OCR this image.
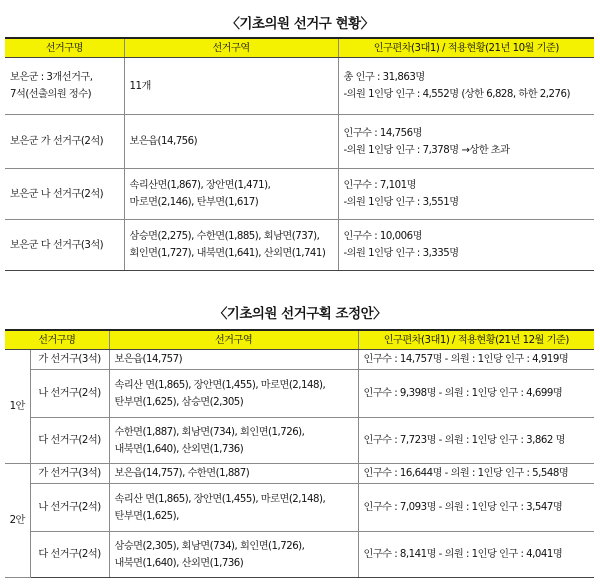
〈기초의원 선거구 현황〉
선거구명	선거구역	인구편차(3대1) / 적용현황(21년 10월 기준)

보은군 : 3개선거구,
7석(선출의원 정수)	11개	총 인구 : 31,863명
-의원 1인당 인구 : 4,552명 (상한 6,828, 하한 2,276)

보은군 가 선거구(2석)	보은읍(14,756)	인구수 : 14,756명
-의원 1인당 인구 : 7,378명 →상한 초과

보은군 나 선거구(2석)	속리산면(1,867), 장안면(1,471),
마로면(2,146), 탄부면(1,617)	인구수 : 7,101명
-의원 1인당 인구 : 3,551명

보은군 다 선거구(3석)	삼승면(2,275), 수한면(1,885), 회남면(737),
회인면(1,727), 내북면(1,641), 산외면(1,741)	인구수 : 10,006명
-의원 1인당 인구 : 3,335명
〈기초의원 선거구획 조정안〉
선거구명		선거구역	인구편차(3대1) / 적용현황(21년 12월 기준)
1안	가 선거구(3석)	보은읍(14,757)	인구수 : 14,757명 - 의원 : 1인당 인구 : 4,919명
	나 선거구(2석)	속리산 면(1,865), 장안면(1,455), 마로면(2,148),
탄부면(1,625), 삼승면(2,305)	인구수 : 9,398명 - 의원 : 1인당 인구 : 4,699명
	다 선거구(2석)	수한면(1,887), 회남면(734), 회인면(1,726),
내북면(1,640), 산외면(1,736)	인구수 : 7,723명 - 의원 : 1인당 인구 : 3,862 명
2안	가 선거구(3석)	보은읍(14,757), 수한면(1,887)	인구수 : 16,644명 - 의원 : 1인당 인구 : 5,548명
	나 선거구(2석)	속리산 면(1,865), 장안면(1,455), 마로면(2,148),
탄부면(1,625),	인구수 : 7,093명 - 의원 : 1인당 인구 : 3,547명
	다 선거구(2석)	삼승면(2,305), 회남면(734), 회인면(1,726),
내북면(1,640), 산외면(1,736)	인구수 : 8,141명 - 의원 : 1인당 인구 : 4,041명
